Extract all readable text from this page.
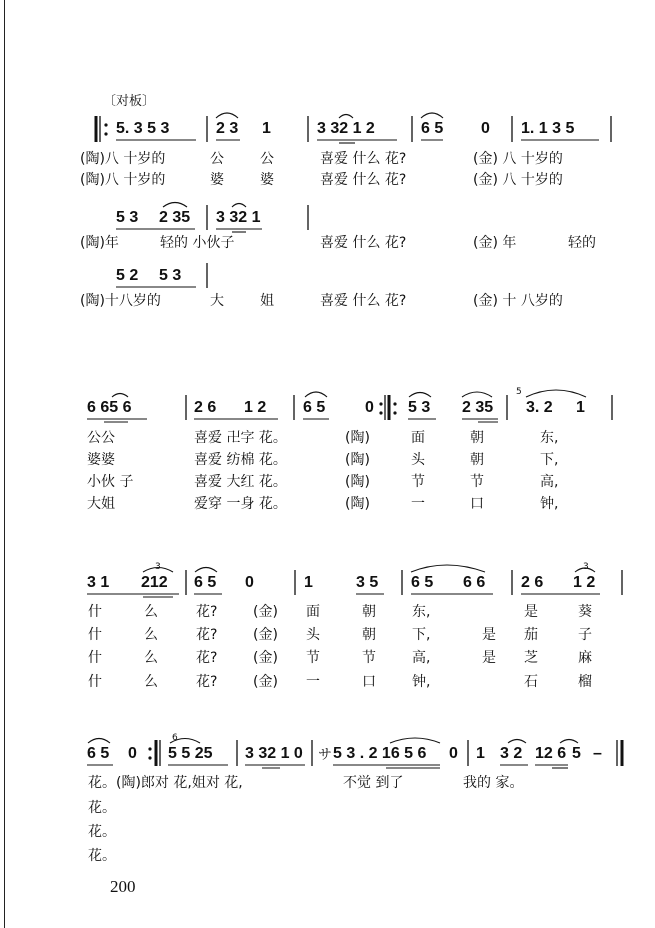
〔对板〕
5. 3 5 3	2 3 1	3 32 1 2	6 5 0 1. 1 3 5
(陶)八 十岁的	公	公	喜爱 什么 花?	(金) 八 十岁的
(陶)八 十岁的	婆	婆	喜爱 什么 花?	(金) 八 十岁的
5 3 2 35 3 32 1
(陶)年	轻的 小伙子	喜爱 什么 花?	(金) 年	轻的
5 2 5 3
(陶)十八岁的	大	姐	喜爱 什么 花?	(金) 十 八岁的
6 65 6	2 6 1 2 6 5 0 5 3 2 35 3. 2 1
5
公公	喜爱 卍字 花。	(陶)	面	朝	东,
婆婆	喜爱 纺棉 花。	(陶)	头	朝	下,
小伙 子	喜爱 大红 花。	(陶)	节	节	高,
大姐	爱穿 一身 花。	(陶)	一	口	钟,
3 1 212 6 5 0	1	3 5 6 5 6 6 2 6 1 2
3	3
什	么	花?	(金) 面	朝	东,	是	葵
什	么	花?	(金) 头	朝	下,	是 茄	子
什	么	花?	(金) 节	节	高,	是 芝	麻
什	么	花?	(金) 一	口	钟,	石	榴
6 5 0 5 5 25 3 32 1 0 サ 5 3 . 2 16 5 6 0 1 3 2 12 6 5 –
6
花。(陶)郎对 花,姐对 花,	不觉 到了	我的 家。
花。
花。
花。
200
